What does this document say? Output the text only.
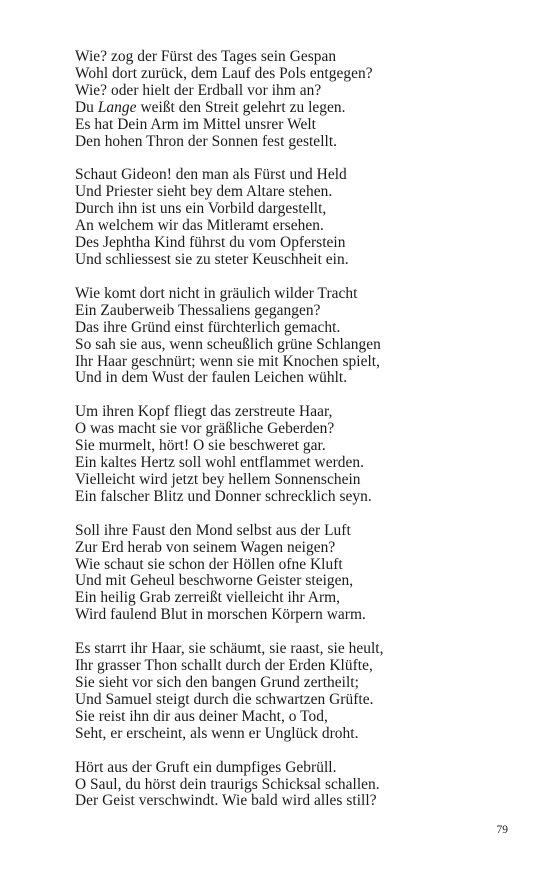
Wie? zog der Fürst des Tages sein Gespan
Wohl dort zurück, dem Lauf des Pols entgegen?
Wie? oder hielt der Erdball vor ihm an?
Du Lange weißt den Streit gelehrt zu legen.
Es hat Dein Arm im Mittel unsrer Welt
Den hohen Thron der Sonnen fest gestellt.
Schaut Gideon! den man als Fürst und Held
Und Priester sieht bey dem Altare stehen.
Durch ihn ist uns ein Vorbild dargestellt,
An welchem wir das Mitleramt ersehen.
Des Jephtha Kind führst du vom Opferstein
Und schliessest sie zu steter Keuschheit ein.
Wie komt dort nicht in gräulich wilder Tracht
Ein Zauberweib Thessaliens gegangen?
Das ihre Gründ einst fürchterlich gemacht.
So sah sie aus, wenn scheußlich grüne Schlangen
Ihr Haar geschnürt; wenn sie mit Knochen spielt,
Und in dem Wust der faulen Leichen wühlt.
Um ihren Kopf fliegt das zerstreute Haar,
O was macht sie vor gräßliche Geberden?
Sie murmelt, hört! O sie beschweret gar.
Ein kaltes Hertz soll wohl entflammet werden.
Vielleicht wird jetzt bey hellem Sonnenschein
Ein falscher Blitz und Donner schrecklich seyn.
Soll ihre Faust den Mond selbst aus der Luft
Zur Erd herab von seinem Wagen neigen?
Wie schaut sie schon der Höllen ofne Kluft
Und mit Geheul beschworne Geister steigen,
Ein heilig Grab zerreißt vielleicht ihr Arm,
Wird faulend Blut in morschen Körpern warm.
Es starrt ihr Haar, sie schäumt, sie raast, sie heult,
Ihr grasser Thon schallt durch der Erden Klüfte,
Sie sieht vor sich den bangen Grund zertheilt;
Und Samuel steigt durch die schwartzen Grüfte.
Sie reist ihn dir aus deiner Macht, o Tod,
Seht, er erscheint, als wenn er Unglück droht.
Hört aus der Gruft ein dumpfiges Gebrüll.
O Saul, du hörst dein traurigs Schicksal schallen.
Der Geist verschwindt. Wie bald wird alles still?
79
